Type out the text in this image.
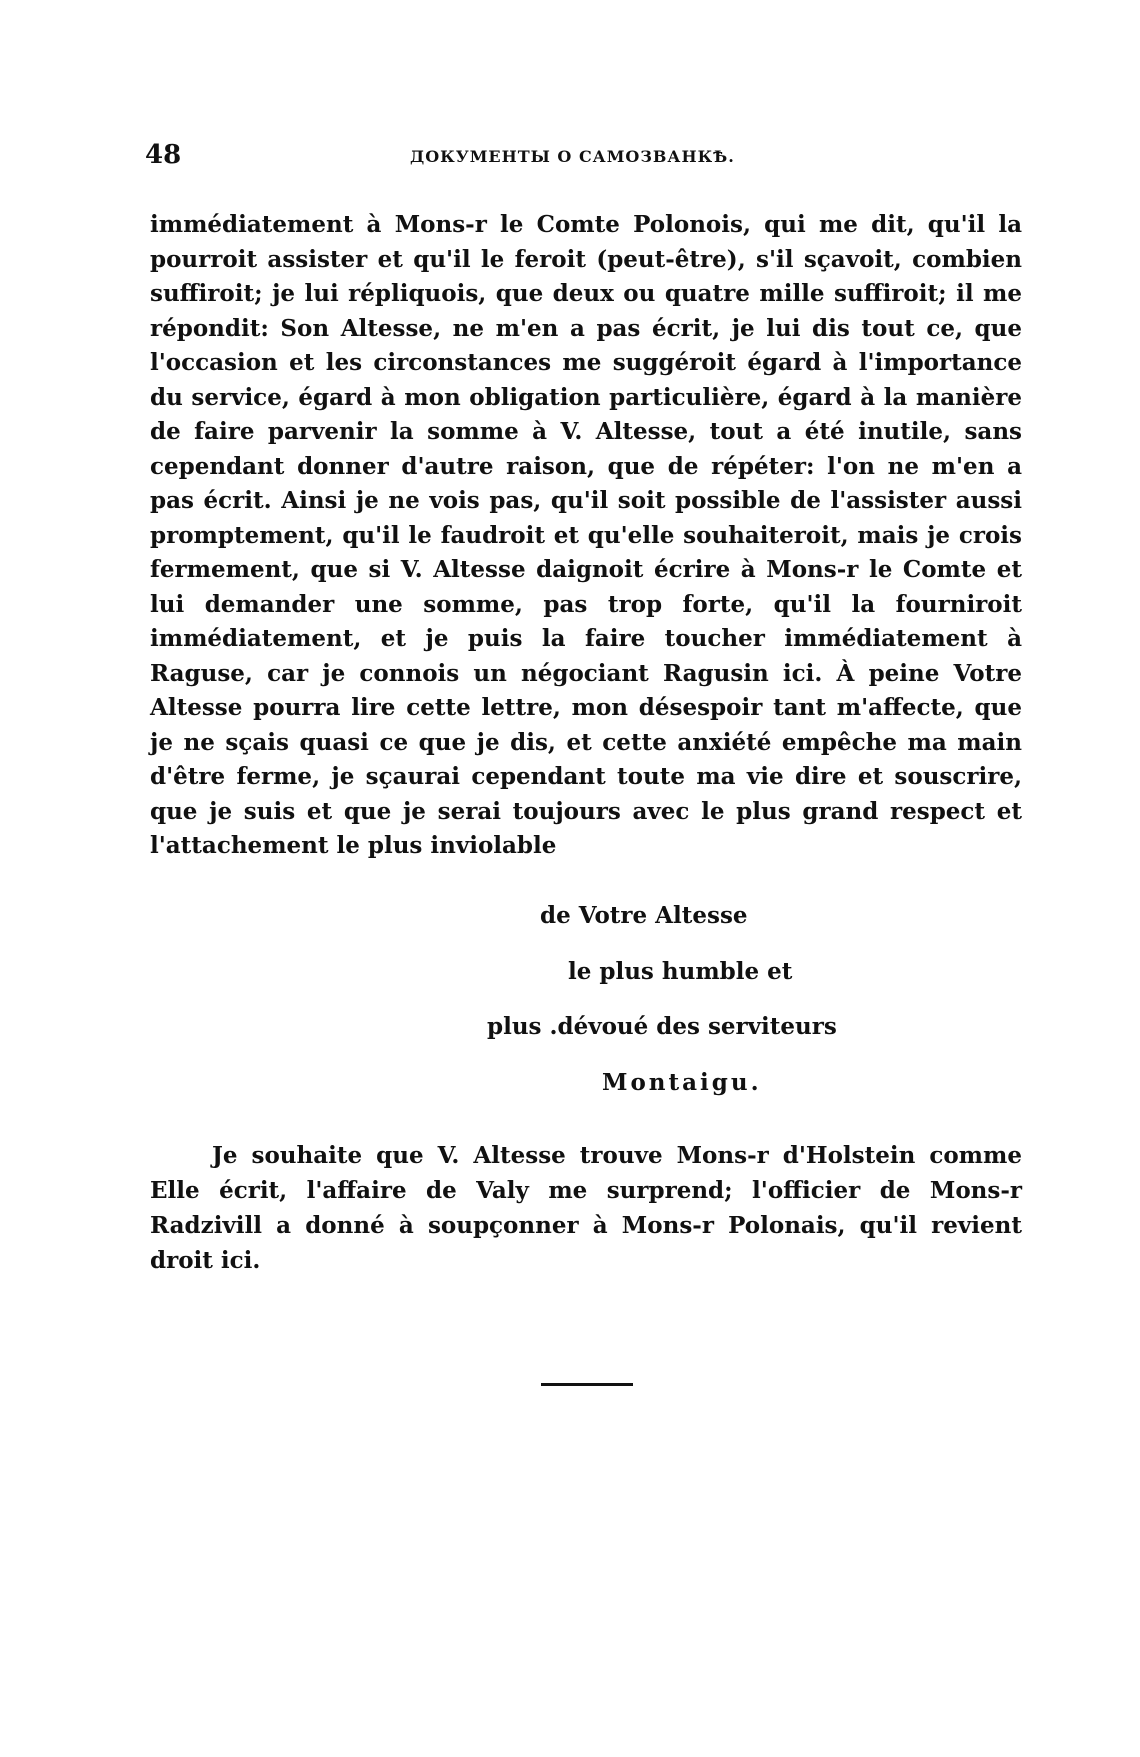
48	ДОКУМЕНТЫ О САМОЗВАНКѢ.

immédiatement à Mons-r le Comte Polonois, qui me dit, qu'il la pourroit assister et qu'il le feroit (peut-être), s'il sçavoit, combien suffiroit; je lui répliquois, que deux ou quatre mille suffiroit; il me répondit: Son Altesse, ne m'en a pas écrit, je lui dis tout ce, que l'occasion et les circonstances me suggéroit égard à l'importance du service, égard à mon obligation particulière, égard à la manière de faire parvenir la somme à V. Altesse, tout a été inutile, sans cependant donner d'autre raison, que de répéter: l'on ne m'en a pas écrit. Ainsi je ne vois pas, qu'il soit possible de l'assister aussi promptement, qu'il le faudroit et qu'elle souhaiteroit, mais je crois fermement, que si V. Altesse daignoit écrire à Mons-r le Comte et lui demander une somme, pas trop forte, qu'il la fourniroit immédiatement, et je puis la faire toucher immédiatement à Raguse, car je connois un négociant Ragusin ici. À peine Votre Altesse pourra lire cette lettre, mon désespoir tant m'affecte, que je ne sçais quasi ce que je dis, et cette anxiété empêche ma main d'être ferme, je sçaurai cependant toute ma vie dire et souscrire, que je suis et que je serai toujours avec le plus grand respect et l'attachement le plus inviolable

de Votre Altesse
le plus humble et
plus .dévoué des serviteurs
Montaigu.

Je souhaite que V. Altesse trouve Mons-r d'Holstein comme Elle écrit, l'affaire de Valy me surprend; l'officier de Mons-r Radzivill a donné à soupçonner à Mons-r Polonais, qu'il revient droit ici.
